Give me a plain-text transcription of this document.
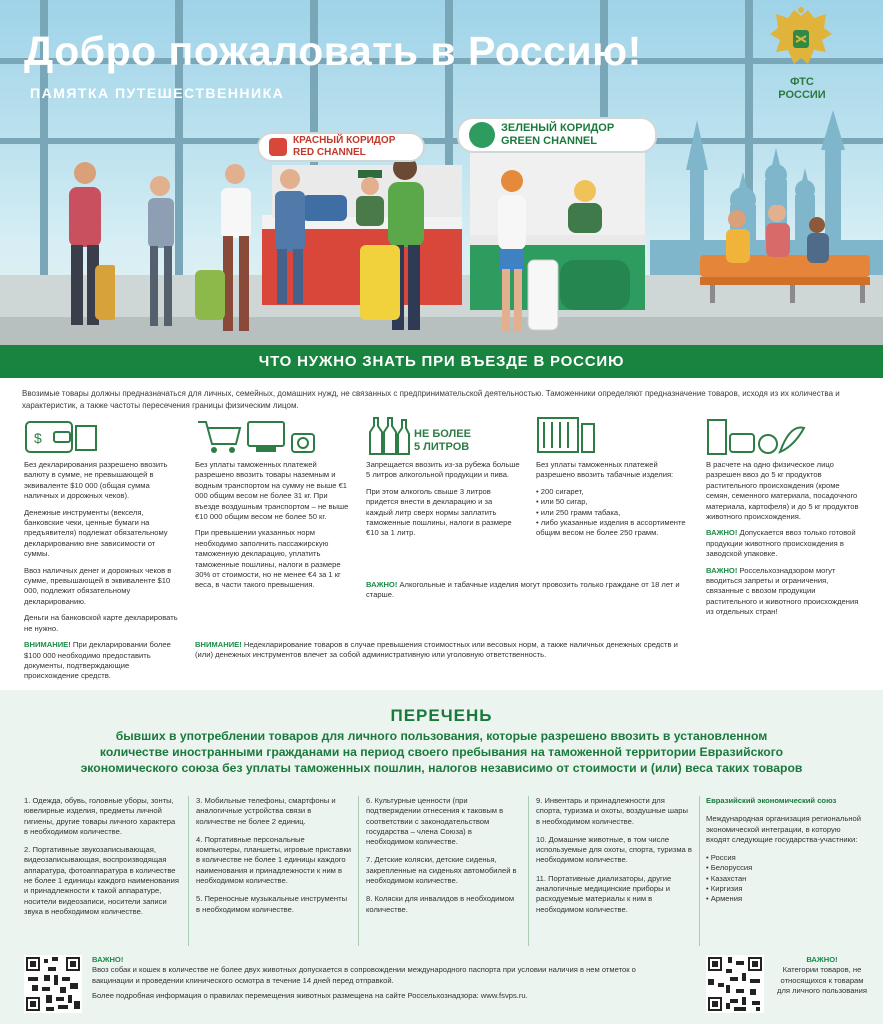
КРАСНЫЙ КОРИДОР
RED CHANNEL
ЗЕЛЕНЫЙ КОРИДОР
GREEN CHANNEL
Добро пожаловать в Россию!
ПАМЯТКА ПУТЕШЕСТВЕННИКА
ФТС РОССИИ
ЧТО НУЖНО ЗНАТЬ ПРИ ВЪЕЗДЕ В РОССИЮ
Ввозимые товары должны предназначаться для личных, семейных, домашних нужд, не связанных с предпринимательской деятельностью. Таможенники определяют предназначение товаров, исходя из их количества и характеристик, а также частоты пересечения границы физическим лицом.
$	НЕ БОЛЕЕ
5 ЛИТРОВ

Без декларирования разрешено ввозить валюту в сумме, не превышающей в эквиваленте $10 000 (общая сумма наличных и дорожных чеков).

Денежные инструменты (векселя, банковские чеки, ценные бумаги на предъявителя) подлежат обязательному декларированию вне зависимости от суммы.

Ввоз наличных денег и дорожных чеков в сумме, превышающей в эквиваленте $10 000, подлежит обязательному декларированию.

Деньги на банковской карте декларировать не нужно.

ВНИМАНИЕ! При декларировании более $100 000 необходимо предоставить документы, подтверждающие происхождение средств.

Без уплаты таможенных платежей разрешено ввозить товары наземным и водным транспортом на сумму не выше €1 000 общим весом не более 31 кг. При въезде воздушным транспортом – не выше €10 000 общим весом не более 50 кг.

При превышении указанных норм необходимо заполнить пассажирскую таможенную декларацию, уплатить таможенные пошлины, налоги в размере 30% от стоимости, но не менее €4 за 1 кг веса, в части такого превышения.

Запрещается ввозить из-за рубежа больше 5 литров алкогольной продукции и пива.

При этом алкоголь свыше 3 литров придется внести в декларацию и за каждый литр сверх нормы заплатить таможенные пошлины, налоги в размере €10 за 1 литр.

Без уплаты таможенных платежей разрешено ввозить табачные изделия:

• 200 сигарет,
• или 50 сигар,
• или 250 грамм табака,
• либо указанные изделия в ассортименте общим весом не более 250 грамм.
ВАЖНО! Алкогольные и табачные изделия могут провозить только граждане от 18 лет и старше.
ВНИМАНИЕ! Недекларирование товаров в случае превышения стоимостных или весовых норм, а также наличных денежных средств и (или) денежных инструментов влечет за собой административную или уголовную ответственность.

В расчете на одно физическое лицо разрешен ввоз до 5 кг продуктов растительного происхождения (кроме семян, семенного материала, посадочного материала, картофеля) и до 5 кг продуктов животного происхождения.

ВАЖНО! Допускается ввоз только готовой продукции животного происхождения в заводской упаковке.

ВАЖНО! Россельхознадзором могут вводиться запреты и ограничения, связанные с ввозом продукции растительного и животного происхождения из отдельных стран!

ПЕРЕЧЕНЬ
бывших в употреблении товаров для личного пользования, которые разрешено ввозить в установленном количестве иностранными гражданами на период своего пребывания на таможенной территории Евразийского экономического союза без уплаты таможенных пошлин, налогов независимо от стоимости и (или) веса таких товаров

1. Одежда, обувь, головные уборы, зонты, ювелирные изделия, предметы личной гигиены, другие товары личного характера в необходимом количестве.

2. Портативные звукозаписывающая, видеозаписывающая, воспроизводящая аппаратура, фотоаппаратура в количестве не более 1 единицы каждого наименования и принадлежности к такой аппаратуре, носители видеозаписи, носители записи звука в необходимом количестве.

3. Мобильные телефоны, смартфоны и аналогичные устройства связи в количестве не более 2 единиц.

4. Портативные персональные компьютеры, планшеты, игровые приставки в количестве не более 1 единицы каждого наименования и принадлежности к ним в необходимом количестве.

5. Переносные музыкальные инструменты в необходимом количестве.

6. Культурные ценности (при подтверждении отнесения к таковым в соответствии с законодательством государства – члена Союза) в необходимом количестве.

7. Детские коляски, детские сиденья, закрепленные на сиденьях автомобилей в необходимом количестве.

8. Коляски для инвалидов в необходимом количестве.

9. Инвентарь и принадлежности для спорта, туризма и охоты, воздушные шары в необходимом количестве.

10. Домашние животные, в том числе используемые для охоты, спорта, туризма в необходимом количестве.

11. Портативные диализаторы, другие аналогичные медицинские приборы и расходуемые материалы к ним в необходимом количестве.

Евразийский экономический союз

Международная организация региональной экономической интеграции, в которую входят следующие государства-участники:

• Россия
• Белоруссия
• Казахстан
• Киргизия
• Армения
ВАЖНО!
Ввоз собак и кошек в количестве не более двух животных допускается в сопровождении международного паспорта при условии наличия в нем отметок о вакцинации и проведении клинического осмотра в течение 14 дней перед отправкой.
Более подробная информация о правилах перемещения животных размещена на сайте Россельхознадзора: www.fsvps.ru.
ВАЖНО!
Категории товаров, не относящихся к товарам для личного пользования
